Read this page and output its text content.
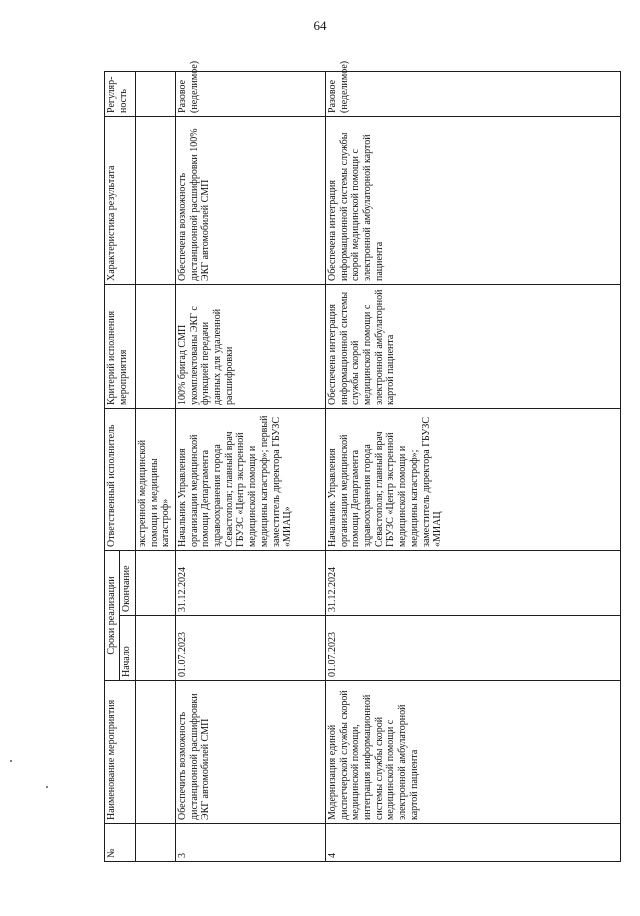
64
№	Наименование мероприятия	Сроки реализации		Ответственный исполнитель	Критерий исполнения мероприятия	Характеристика результата	Регуляр-ность
		Начало	Окончание				
				экстренной медицинской помощи и медицины катастроф»			
3	Обеспечить возможность дистанционной расшифровки ЭКГ автомобилей СМП	01.07.2023	31.12.2024	Начальник Управления организации медицинской помощи Департамента здравоохранения города Севастополя; главный врач ГБУЗС «Центр экстренной медицинской помощи и медицины катастроф»; первый заместитель директора ГБУЗС «МИАЦ»	100% бригад СМП укомплектованы ЭКГ с функцией передачи данных для удаленной расшифровки	Обеспечена возможность дистанционной расшифровки 100% ЭКГ автомобилей СМП	Разовое (неделимое)
4	Модернизация единой диспетчерской службы скорой медицинской помощи, интеграция информационной системы службы скорой медицинской помощи с электронной амбулаторной картой пациента	01.07.2023	31.12.2024	Начальник Управления организации медицинской помощи Департамента здравоохранения города Севастополя; главный врач ГБУЗС «Центр экстренной медицинской помощи и медицины катастроф»; заместитель директора ГБУЗС «МИАЦ	Обеспечена интеграция информационной системы службы скорой медицинской помощи с электронной амбулаторной картой пациента	Обеспечена интеграция информационной системы службы скорой медицинской помощи с электронной амбулаторной картой пациента	Разовое (неделимое)
